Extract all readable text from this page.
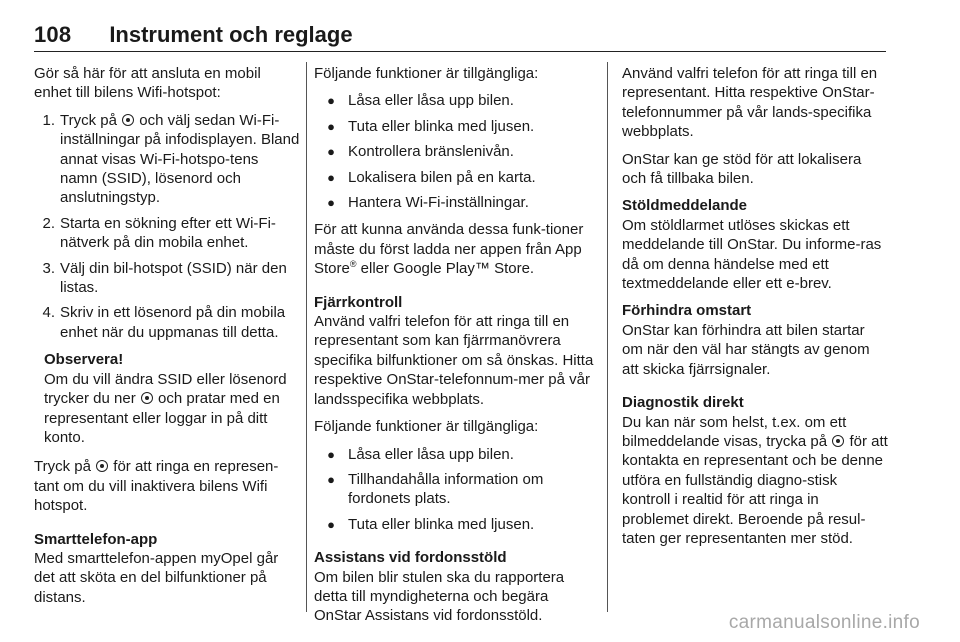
108 Instrument och reglage

Gör så här för att ansluta en mobil enhet till bilens Wifi-hotspot:

1. Tryck på och välj sedan Wi-Fi-inställningar på infodisplayen. Bland annat visas Wi-Fi-hotspo-tens namn (SSID), lösenord och anslutningstyp.
2. Starta en sökning efter ett Wi-Fi-nätverk på din mobila enhet.
3. Välj din bil-hotspot (SSID) när den listas.
4. Skriv in ett lösenord på din mobila enhet när du uppmanas till detta.

Observera!

Om du vill ändra SSID eller lösenord trycker du ner och pratar med en representant eller loggar in på ditt konto.

Tryck på för att ringa en represen-tant om du vill inaktivera bilens Wifi hotspot.

Smarttelefon-app

Med smarttelefon-appen myOpel går det att sköta en del bilfunktioner på distans.

Följande funktioner är tillgängliga:

● Låsa eller låsa upp bilen.
● Tuta eller blinka med ljusen.
● Kontrollera bränslenivån.
● Lokalisera bilen på en karta.
● Hantera Wi-Fi-inställningar.

För att kunna använda dessa funk-tioner måste du först ladda ner appen från App Store® eller Google Play™ Store.

Fjärrkontroll

Använd valfri telefon för att ringa till en representant som kan fjärrmanövrera specifika bilfunktioner om så önskas. Hitta respektive OnStar-telefonnum-mer på vår landsspecifika webbplats.

Följande funktioner är tillgängliga:

● Låsa eller låsa upp bilen.
● Tillhandahålla information om fordonets plats.
● Tuta eller blinka med ljusen.

Assistans vid fordonsstöld

Om bilen blir stulen ska du rapportera detta till myndigheterna och begära OnStar Assistans vid fordonsstöld.

Använd valfri telefon för att ringa till en representant. Hitta respektive OnStar-telefonnummer på vår lands-specifika webbplats.

OnStar kan ge stöd för att lokalisera och få tillbaka bilen.

Stöldmeddelande

Om stöldlarmet utlöses skickas ett meddelande till OnStar. Du informe-ras då om denna händelse med ett textmeddelande eller ett e-brev.

Förhindra omstart

OnStar kan förhindra att bilen startar om när den väl har stängts av genom att skicka fjärrsignaler.

Diagnostik direkt

Du kan när som helst, t.ex. om ett bilmeddelande visas, trycka på för att kontakta en representant och be denne utföra en fullständig diagno-stisk kontroll i realtid för att ringa in problemet direkt. Beroende på resul-taten ger representanten mer stöd.

carmanualsonline.info
